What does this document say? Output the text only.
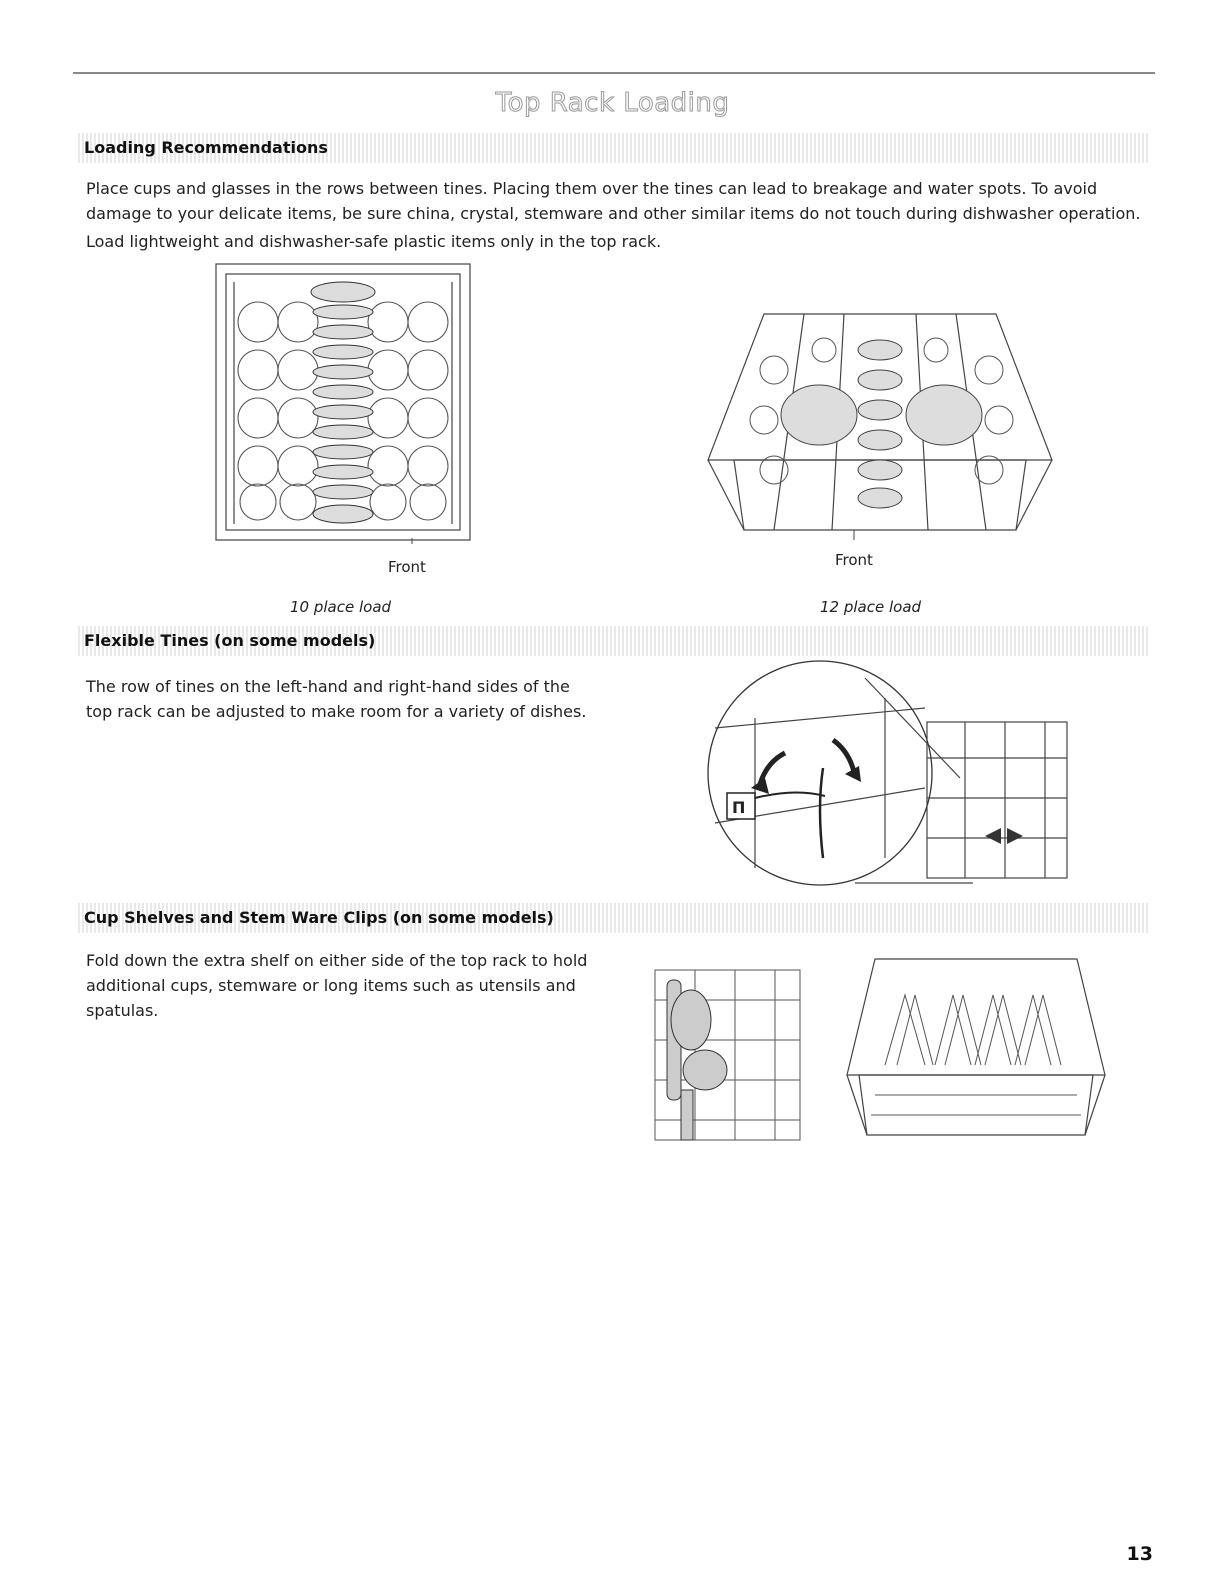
Top Rack Loading
Loading Recommendations
Place cups and glasses in the rows between tines. Placing them over the tines can lead to breakage and water spots. To avoid
damage to your delicate items, be sure china, crystal, stemware and other similar items do not touch during dishwasher operation.
Load lightweight and dishwasher-safe plastic items only in the top rack.
Front
10 place load
Front
12 place load
Flexible Tines (on some models)
The row of tines on the left-hand and right-hand sides of the
top rack can be adjusted to make room for a variety of dishes.
Π
Cup Shelves and Stem Ware Clips (on some models)
Fold down the extra shelf on either side of the top rack to hold
additional cups, stemware or long items such as utensils and
spatulas.
13
